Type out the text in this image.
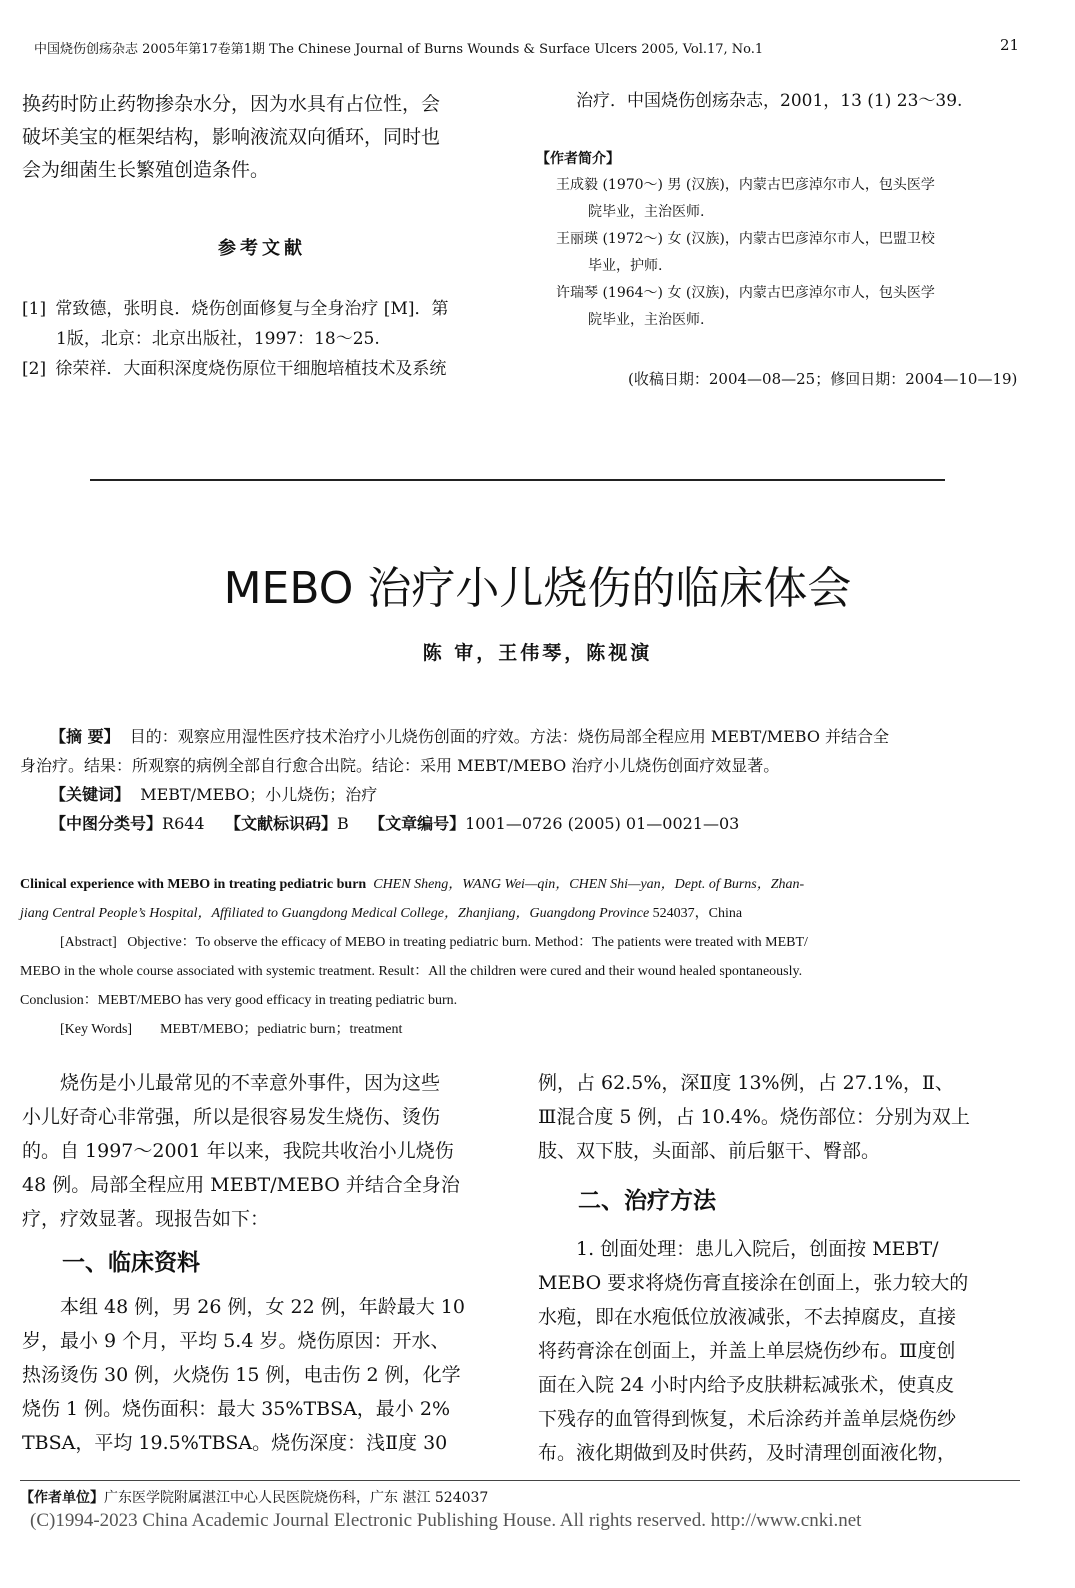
中国烧伤创疡杂志 2005年第17卷第1期 The Chinese Journal of Burns Wounds & Surface Ulcers 2005, Vol.17, No.1	21

换药时防止药物掺杂水分，因为水具有占位性，会

破坏美宝的框架结构，影响液流双向循环，同时也

会为细菌生长繁殖创造条件。

参考文献
[1] 常致德，张明良．烧伤创面修复与全身治疗 [M]．第
1版，北京：北京出版社，1997：18～25.
[2] 徐荣祥．大面积深度烧伤原位干细胞培植技术及系统
治疗．中国烧伤创疡杂志，2001，13 (1) 23～39.
【作者简介】
王成毅 (1970～) 男 (汉族)，内蒙古巴彦淖尔市人，包头医学
院毕业，主治医师.
王丽瑛 (1972～) 女 (汉族)，内蒙古巴彦淖尔市人，巴盟卫校
毕业，护师.
许瑞琴 (1964～) 女 (汉族)，内蒙古巴彦淖尔市人，包头医学
院毕业，主治医师.
(收稿日期：2004—08—25；修回日期：2004—10—19)
MEBO 治疗小儿烧伤的临床体会
陈 审，王伟琴，陈视演
【摘 要】 目的：观察应用湿性医疗技术治疗小儿烧伤创面的疗效。方法：烧伤局部全程应用 MEBT/MEBO 并结合全
身治疗。结果：所观察的病例全部自行愈合出院。结论：采用 MEBT/MEBO 治疗小儿烧伤创面疗效显著。
【关键词】 MEBT/MEBO；小儿烧伤；治疗
【中图分类号】R644 【文献标识码】B 【文章编号】1001—0726 (2005) 01—0021—03
Clinical experience with MEBO in treating pediatric burn CHEN Sheng，WANG Wei—qin，CHEN Shi—yan，Dept. of Burns，Zhan-
jiang Central People’s Hospital，Affiliated to Guangdong Medical College，Zhanjiang，Guangdong Province 524037，China
[Abstract] Objective：To observe the efficacy of MEBO in treating pediatric burn. Method：The patients were treated with MEBT/
MEBO in the whole course associated with systemic treatment. Result：All the children were cured and their wound healed spontaneously.
Conclusion：MEBT/MEBO has very good efficacy in treating pediatric burn.
[Key Words] MEBT/MEBO；pediatric burn；treatment

烧伤是小儿最常见的不幸意外事件，因为这些

小儿好奇心非常强，所以是很容易发生烧伤、烫伤

的。自 1997～2001 年以来，我院共收治小儿烧伤

48 例。局部全程应用 MEBT/MEBO 并结合全身治

疗，疗效显著。现报告如下：

一、临床资料

本组 48 例，男 26 例，女 22 例，年龄最大 10

岁，最小 9 个月，平均 5.4 岁。烧伤原因：开水、

热汤烫伤 30 例，火烧伤 15 例，电击伤 2 例，化学

烧伤 1 例。烧伤面积：最大 35%TBSA，最小 2%

TBSA，平均 19.5%TBSA。烧伤深度：浅Ⅱ度 30

例，占 62.5%，深Ⅱ度 13%例，占 27.1%，Ⅱ、

Ⅲ混合度 5 例，占 10.4%。烧伤部位：分别为双上

肢、双下肢，头面部、前后躯干、臀部。

二、治疗方法

1. 创面处理：患儿入院后，创面按 MEBT/

MEBO 要求将烧伤膏直接涂在创面上，张力较大的

水疱，即在水疱低位放液减张，不去掉腐皮，直接

将药膏涂在创面上，并盖上单层烧伤纱布。Ⅲ度创

面在入院 24 小时内给予皮肤耕耘减张术，使真皮

下残存的血管得到恢复，术后涂药并盖单层烧伤纱

布。液化期做到及时供药，及时清理创面液化物，

【作者单位】广东医学院附属湛江中心人民医院烧伤科，广东 湛江 524037
(C)1994-2023 China Academic Journal Electronic Publishing House. All rights reserved. http://www.cnki.net
